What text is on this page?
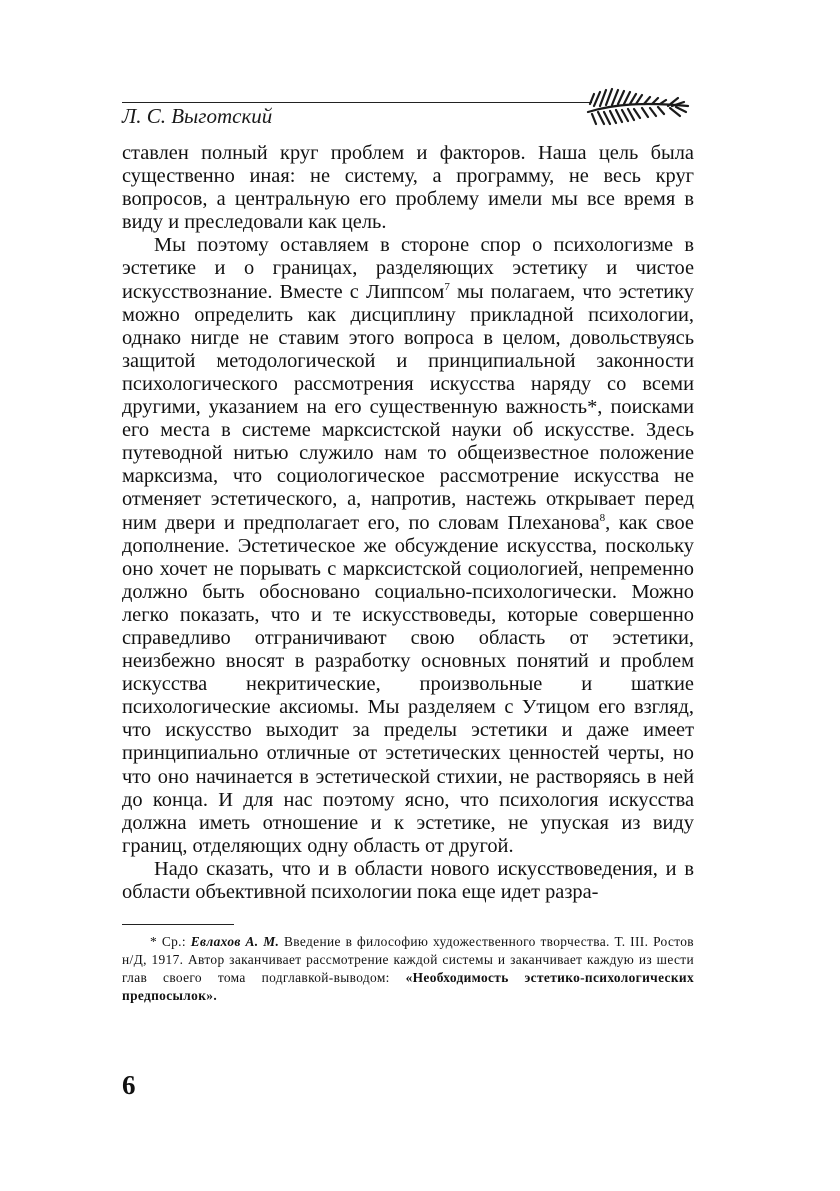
Л. С. Выготский

ставлен полный круг проблем и факторов. Наша цель была существенно иная: не систему, а программу, не весь круг вопросов, а центральную его проблему имели мы все время в виду и преследовали как цель.

Мы поэтому оставляем в стороне спор о психологизме в эстетике и о границах, разделяющих эстетику и чистое искусствознание. Вместе с Липпсом$^7$ мы полагаем, что эстетику можно определить как дисциплину прикладной психологии, однако нигде не ставим этого вопроса в целом, довольствуясь защитой методологической и принципиальной законности психологического рассмотрения искусства наряду со всеми другими, указанием на его существенную важность*, поисками его места в системе марксистской науки об искусстве. Здесь путеводной нитью служило нам то общеизвестное положение марксизма, что социологическое рассмотрение искусства не отменяет эстетического, а, напротив, настежь открывает перед ним двери и предполагает его, по словам Плеханова$^8$, как свое дополнение. Эстетическое же обсуждение искусства, поскольку оно хочет не порывать с марксистской социологией, непременно должно быть обосновано социально-психологически. Можно легко показать, что и те искусствоведы, которые совершенно справедливо отграничивают свою область от эстетики, неизбежно вносят в разработку основных понятий и проблем искусства некритические, произвольные и шаткие психологические аксиомы. Мы разделяем с Утицом его взгляд, что искусство выходит за пределы эстетики и даже имеет принципиально отличные от эстетических ценностей черты, но что оно начинается в эстетической стихии, не растворяясь в ней до конца. И для нас поэтому ясно, что психология искусства должна иметь отношение и к эстетике, не упуская из виду границ, отделяющих одну область от другой.

Надо сказать, что и в области нового искусствоведения, и в области объективной психологии пока еще идет разра-

* Ср.: Евлахов А. М. Введение в философию художественного творчества. Т. III. Ростов н/Д, 1917. Автор заканчивает рассмотрение каждой системы и заканчивает каждую из шести глав своего тома подглавкой-выводом: «Необходимость эстетико-психологических предпосылок».

6
